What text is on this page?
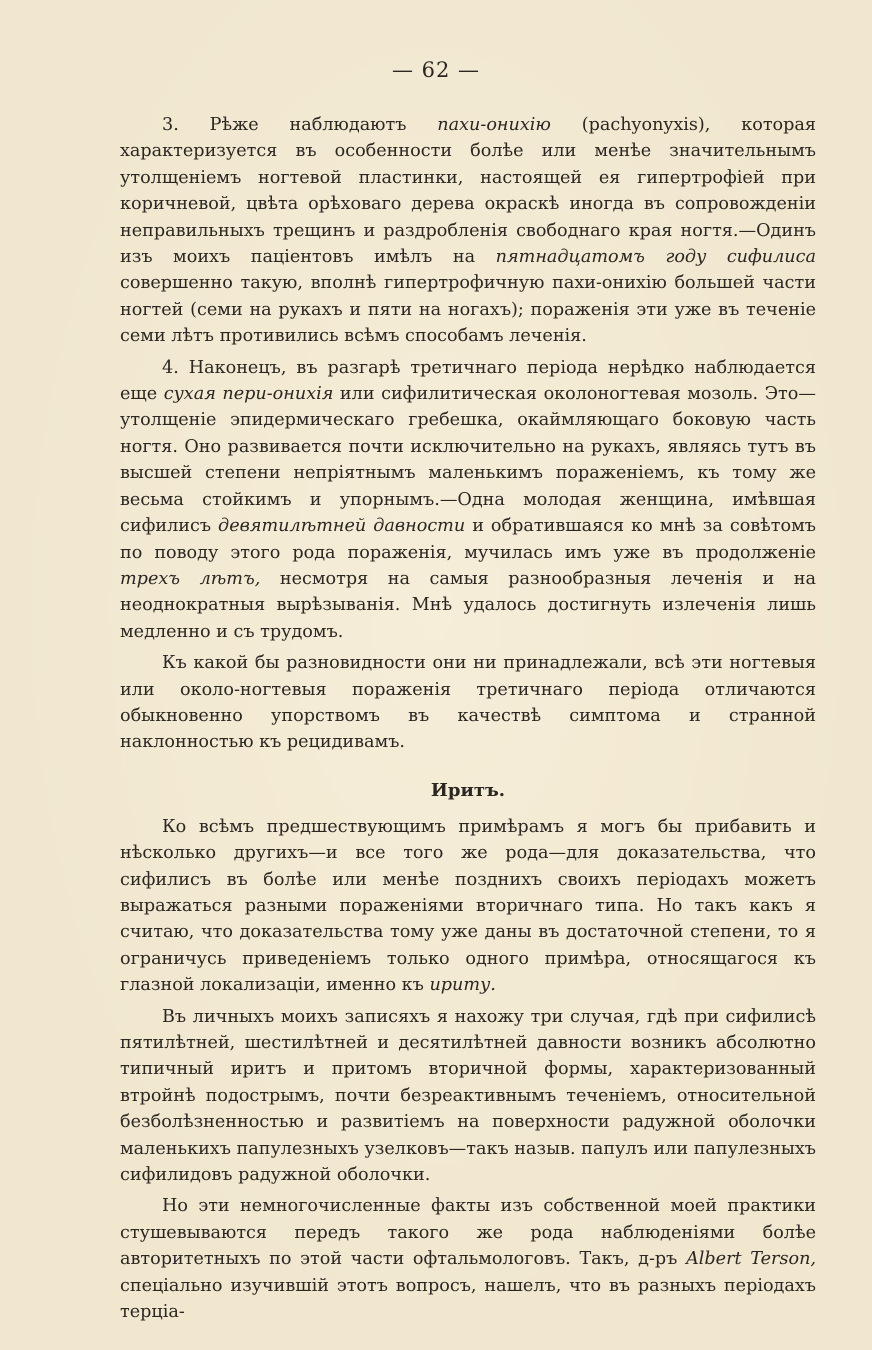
— 62 —

3. Рѣже наблюдаютъ пахи-онихію (pachyonyxis), которая характеризуется въ особенности болѣе или менѣе значительнымъ утолщеніемъ ногтевой пластинки, настоящей ея гипертрофіей при коричневой, цвѣта орѣховаго дерева окраскѣ иногда въ сопровожденіи неправильныхъ трещинъ и раздробленія свободнаго края ногтя.—Одинъ изъ моихъ паціентовъ имѣлъ на пятнадцатомъ году сифилиса совершенно такую, вполнѣ гипертрофичную пахи-онихію большей части ногтей (семи на рукахъ и пяти на ногахъ); пораженія эти уже въ теченіе семи лѣтъ противились всѣмъ способамъ леченія.

4. Наконецъ, въ разгарѣ третичнаго періода нерѣдко наблюдается еще сухая пери-онихія или сифилитическая околоногтевая мозоль. Это— утолщеніе эпидермическаго гребешка, окаймляющаго боковую часть ногтя. Оно развивается почти исключительно на рукахъ, являясь тутъ въ высшей степени непріятнымъ маленькимъ пораженіемъ, къ тому же весьма стойкимъ и упорнымъ.—Одна молодая женщина, имѣвшая сифилисъ девятилѣтней давности и обратившаяся ко мнѣ за совѣтомъ по поводу этого рода пораженія, мучилась имъ уже въ продолженіе трехъ лѣтъ, несмотря на самыя разнообразныя леченія и на неоднократныя вырѣзыванія. Мнѣ удалось достигнуть излеченія лишь медленно и съ трудомъ.

Къ какой бы разновидности они ни принадлежали, всѣ эти ногтевыя или около-ногтевыя пораженія третичнаго періода отличаются обыкновенно упорствомъ въ качествѣ симптома и странной наклонностью къ рецидивамъ.

Иритъ.

Ко всѣмъ предшествующимъ примѣрамъ я могъ бы прибавить и нѣсколько другихъ—и все того же рода—для доказательства, что сифилисъ въ болѣе или менѣе позднихъ своихъ періодахъ можетъ выражаться разными пораженіями вторичнаго типа. Но такъ какъ я считаю, что доказательства тому уже даны въ достаточной степени, то я ограничусь приведеніемъ только одного примѣра, относящагося къ глазной локализаціи, именно къ ириту.

Въ личныхъ моихъ записяхъ я нахожу три случая, гдѣ при сифилисѣ пятилѣтней, шестилѣтней и десятилѣтней давности возникъ абсолютно типичный иритъ и притомъ вторичной формы, характеризованный втройнѣ подострымъ, почти безреактивнымъ теченіемъ, относительной безболѣзненностью и развитіемъ на поверхности радужной оболочки маленькихъ папулезныхъ узелковъ—такъ назыв. папулъ или папулезныхъ сифилидовъ радужной оболочки.

Но эти немногочисленные факты изъ собственной моей практики стушевываются передъ такого же рода наблюденіями болѣе авторитетныхъ по этой части офтальмологовъ. Такъ, д-ръ Albert Terson, спеціально изучившій этотъ вопросъ, нашелъ, что въ разныхъ періодахъ терціа-
